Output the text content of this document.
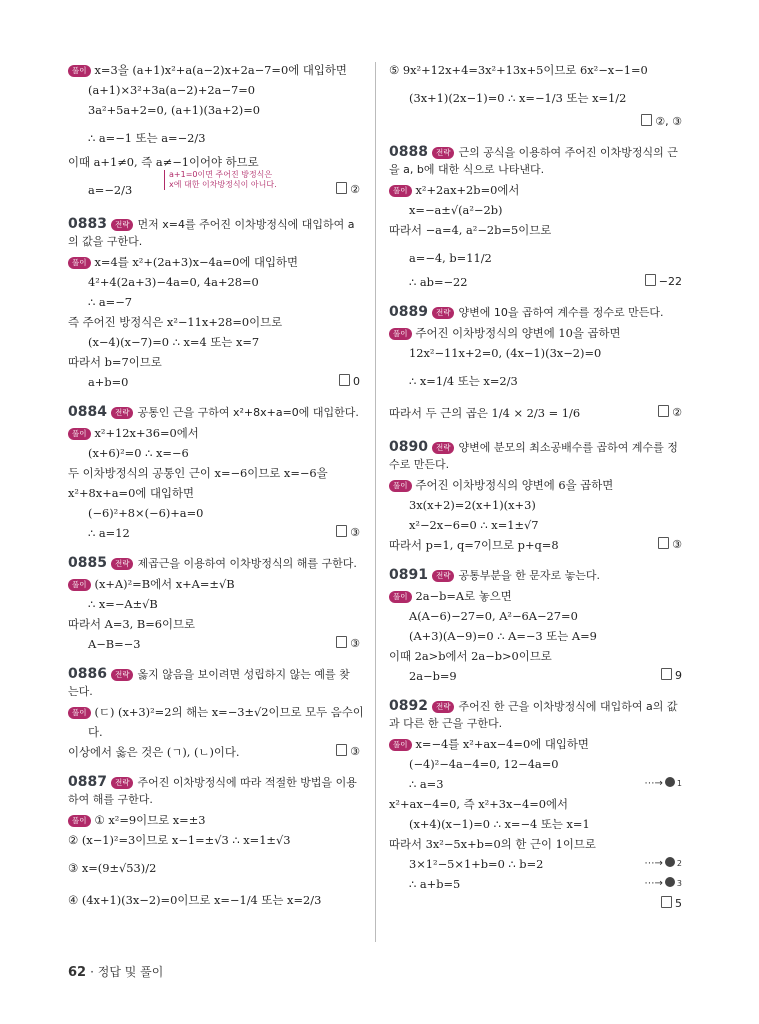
풀이 x=3을 (a+1)x²+a(a−2)x+2a−7=0에 대입하면
(a+1)×3²+3a(a−2)+2a−7=0
3a²+5a+2=0, (a+1)(3a+2)=0
∴ a=−1 또는 a=−2/3
이때 a+1≠0, 즉 a≠−1이어야 하므로
a=−2/3
a+1=0이면 주어진 방정식은
x에 대한 이차방정식이 아니다.	②
0883 전략 먼저 x=4를 주어진 이차방정식에 대입하여 a의 값을 구한다.
풀이 x=4를 x²+(2a+3)x−4a=0에 대입하면
4²+4(2a+3)−4a=0, 4a+28=0
∴ a=−7
즉 주어진 방정식은 x²−11x+28=0이므로
(x−4)(x−7)=0 ∴ x=4 또는 x=7
따라서 b=7이므로
a+b=0	0
0884 전략 공통인 근을 구하여 x²+8x+a=0에 대입한다.
풀이 x²+12x+36=0에서
(x+6)²=0 ∴ x=−6
두 이차방정식의 공통인 근이 x=−6이므로 x=−6을
x²+8x+a=0에 대입하면
(−6)²+8×(−6)+a=0
∴ a=12	③
0885 전략 제곱근을 이용하여 이차방정식의 해를 구한다.
풀이 (x+A)²=B에서 x+A=±√B
∴ x=−A±√B
따라서 A=3, B=6이므로
A−B=−3	③
0886 전략 옳지 않음을 보이려면 성립하지 않는 예를 찾는다.
풀이 (ㄷ) (x+3)²=2의 해는 x=−3±√2이므로 모두 음수이
다.
이상에서 옳은 것은 (ㄱ), (ㄴ)이다.	③
0887 전략 주어진 이차방정식에 따라 적절한 방법을 이용하여 해를 구한다.
풀이 ① x²=9이므로 x=±3
② (x−1)²=3이므로 x−1=±√3 ∴ x=1±√3
③ x=(9±√53)/2
④ (4x+1)(3x−2)=0이므로 x=−1/4 또는 x=2/3
⑤ 9x²+12x+4=3x²+13x+5이므로 6x²−x−1=0
(3x+1)(2x−1)=0 ∴ x=−1/3 또는 x=1/2
②, ③
0888 전략 근의 공식을 이용하여 주어진 이차방정식의 근을 a, b에 대한 식으로 나타낸다.
풀이 x²+2ax+2b=0에서
x=−a±√(a²−2b)
따라서 −a=4, a²−2b=5이므로
a=−4, b=11/2
∴ ab=−22	−22
0889 전략 양변에 10을 곱하여 계수를 정수로 만든다.
풀이 주어진 이차방정식의 양변에 10을 곱하면
12x²−11x+2=0, (4x−1)(3x−2)=0
∴ x=1/4 또는 x=2/3
따라서 두 근의 곱은 1/4 × 2/3 = 1/6	②
0890 전략 양변에 분모의 최소공배수를 곱하여 계수를 정수로 만든다.
풀이 주어진 이차방정식의 양변에 6을 곱하면
3x(x+2)=2(x+1)(x+3)
x²−2x−6=0 ∴ x=1±√7
따라서 p=1, q=7이므로 p+q=8	③
0891 전략 공통부분을 한 문자로 놓는다.
풀이 2a−b=A로 놓으면
A(A−6)−27=0, A²−6A−27=0
(A+3)(A−9)=0 ∴ A=−3 또는 A=9
이때 2a>b에서 2a−b>0이므로
2a−b=9	9
0892 전략 주어진 한 근을 이차방정식에 대입하여 a의 값과 다른 한 근을 구한다.
풀이 x=−4를 x²+ax−4=0에 대입하면
(−4)²−4a−4=0, 12−4a=0
∴ a=3	⋯→ 1
x²+ax−4=0, 즉 x²+3x−4=0에서
(x+4)(x−1)=0 ∴ x=−4 또는 x=1
따라서 3x²−5x+b=0의 한 근이 1이므로
3×1²−5×1+b=0 ∴ b=2	⋯→ 2
∴ a+b=5	⋯→ 3
5
62 · 정답 및 풀이
